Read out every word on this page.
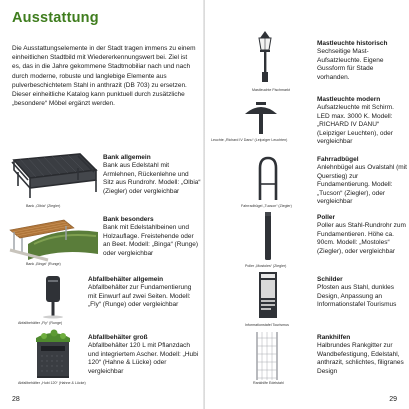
Ausstattung

Die Ausstattungselemente in der Stadt tragen immens zu einem einheitlichen Stadtbild mit Wiedererkennungswert bei. Ziel ist es, das in die Jahre gekommene Stadtmobiliar nach und nach durch moderne, robuste und langlebige Elemente aus pulverbeschichtetem Stahl in anthrazit (DB 703) zu ersetzen. Dieser einheitliche Katalog kann punktuell durch zusätzliche „besondere“ Möbel ergänzt werden.

Bank „Olbia“ (Ziegler)
Bank allgemein
Bank aus Edelstahl mit Armlehnen, Rückenlehne und Sitz aus Rundrohr. Modell: „Olbia“ (Ziegler) oder vergleichbar
Bank „Binga“ (Runge)
Bank besonders
Bank mit Edelstahlbeinen und Holzauflage. Freistehende oder an Beet. Modell: „Binga“ (Runge) oder vergleichbar
Abfallbehälter „Fly“ (Runge)
Abfallbehälter allgemein
Abfallbehälter zur Fundamentierung mit Einwurf auf zwei Seiten. Modell: „Fly“ (Runge) oder vergleichbar
Abfallbehälter „Hubi 120“ (Hahne & Lücke)
Abfallbehälter groß
Abfallbehälter 120 L mit Pflanzdach und integriertem Ascher. Modell: „Hubi 120“ (Hahne & Lücke) oder vergleichbar
28
Mastleuchte Fischmarkt
Mastleuchte historisch
Sechseitige Mast-Aufsatzleuchte. Eigene Gussform für Stade vorhanden.
Leuchte „Richard IV Danu“ (Leipziger Leuchten)
Mastleuchte modern
Aufsatzleuchte mit Schirm. LED max. 3000 K. Modell: „RICHARD IV DANU“ (Leipziger Leuchten), oder vergleichbar
Fahrradbügel „Tucson“ (Ziegler)
Fahrradbügel
Anlehnbügel aus Ovalstahl (mit Querstieg) zur Fundamentierung. Modell: „Tucson“ (Ziegler), oder vergleichbar
Poller „Mostoles“ (Ziegler)
Poller
Poller aus Stahl-Rundrohr zum Fundamentieren. Höhe ca. 90cm. Modell: „Mostoles“ (Ziegler), oder vergleichbar
Informationstafel Tourismus
Schilder
Pfosten aus Stahl, dunkles Design, Anpassung an Informationstafel Tourismus
Rankhilfe Edelstahl
Rankhilfen
Halbrundes Rankgitter zur Wandbefestigung, Edelstahl, anthrazit, schlichtes, filigranes Design
29
